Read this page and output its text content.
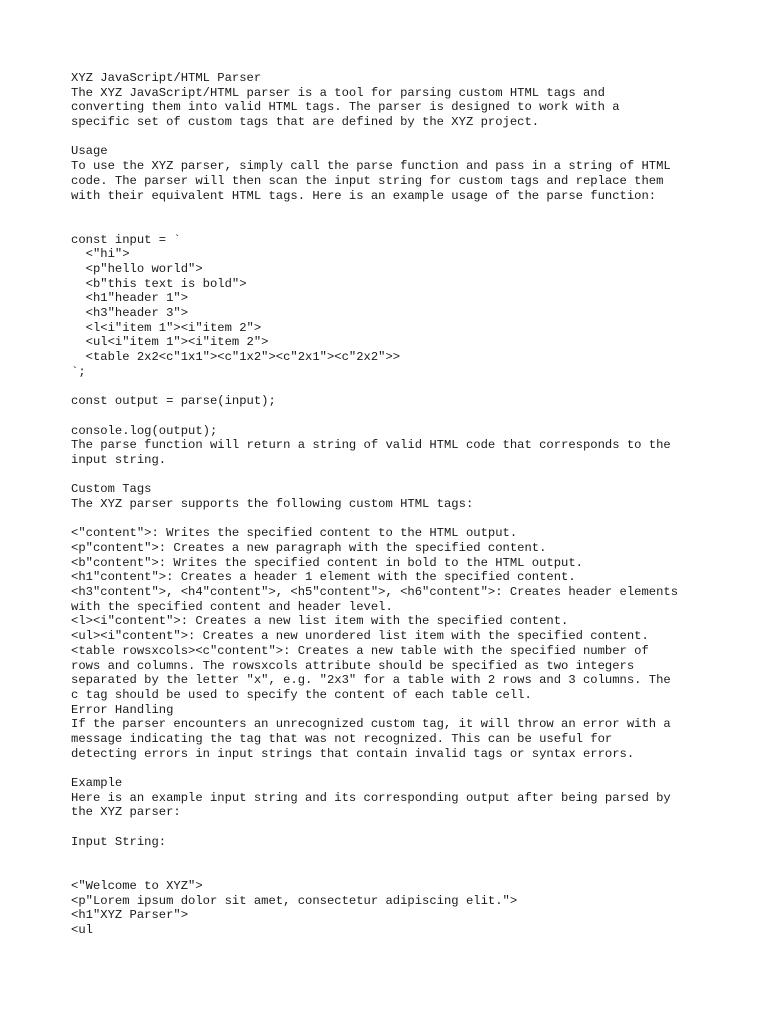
XYZ JavaScript/HTML Parser
The XYZ JavaScript/HTML parser is a tool for parsing custom HTML tags and
converting them into valid HTML tags. The parser is designed to work with a
specific set of custom tags that are defined by the XYZ project.
Usage
To use the XYZ parser, simply call the parse function and pass in a string of HTML
code. The parser will then scan the input string for custom tags and replace them
with their equivalent HTML tags. Here is an example usage of the parse function:
const input = `
<"hi">
<p"hello world">
<b"this text is bold">
<h1"header 1">
<h3"header 3">
<l<i"item 1"><i"item 2">
<ul<i"item 1"><i"item 2">
<table 2x2<c"1x1"><c"1x2"><c"2x1"><c"2x2">>
`;
const output = parse(input);
console.log(output);
The parse function will return a string of valid HTML code that corresponds to the
input string.
Custom Tags
The XYZ parser supports the following custom HTML tags:
<"content">: Writes the specified content to the HTML output.
<p"content">: Creates a new paragraph with the specified content.
<b"content">: Writes the specified content in bold to the HTML output.
<h1"content">: Creates a header 1 element with the specified content.
<h3"content">, <h4"content">, <h5"content">, <h6"content">: Creates header elements
with the specified content and header level.
<l><i"content">: Creates a new list item with the specified content.
<ul><i"content">: Creates a new unordered list item with the specified content.
<table rowsxcols><c"content">: Creates a new table with the specified number of
rows and columns. The rowsxcols attribute should be specified as two integers
separated by the letter "x", e.g. "2x3" for a table with 2 rows and 3 columns. The
c tag should be used to specify the content of each table cell.
Error Handling
If the parser encounters an unrecognized custom tag, it will throw an error with a
message indicating the tag that was not recognized. This can be useful for
detecting errors in input strings that contain invalid tags or syntax errors.
Example
Here is an example input string and its corresponding output after being parsed by
the XYZ parser:
Input String:
<"Welcome to XYZ">
<p"Lorem ipsum dolor sit amet, consectetur adipiscing elit.">
<h1"XYZ Parser">
<ul
